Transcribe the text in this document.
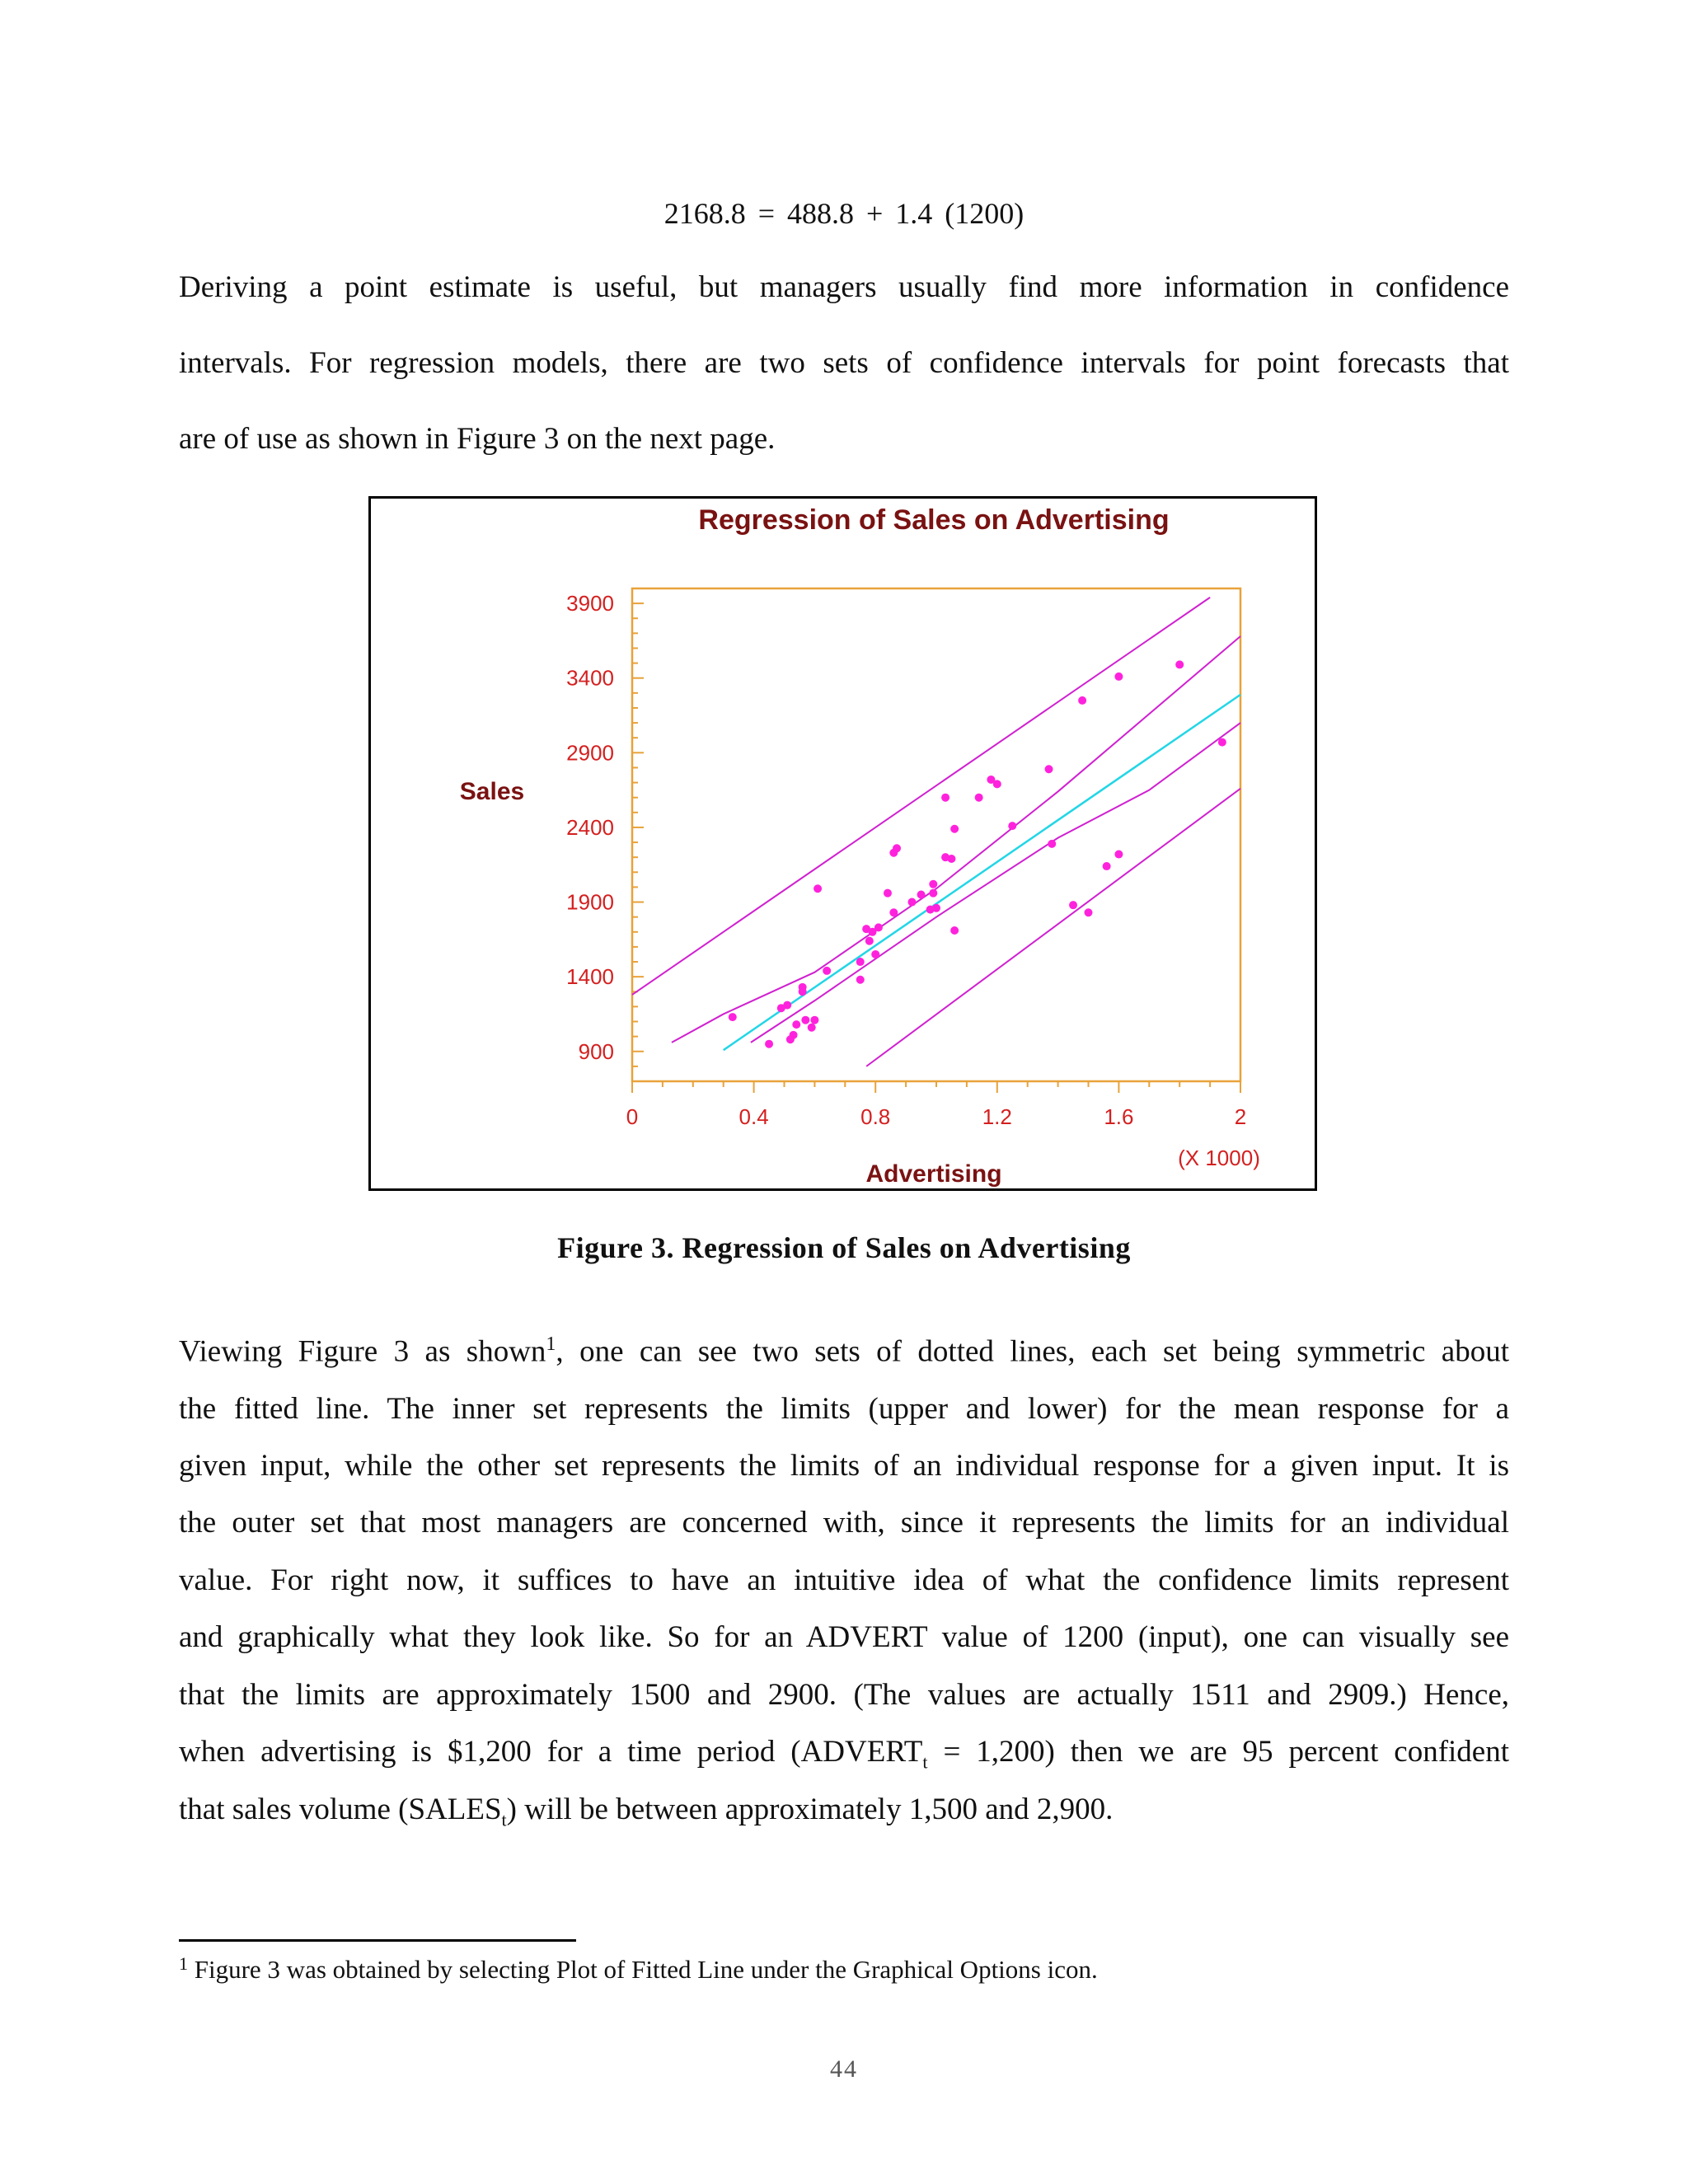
2168.8 = 488.8 + 1.4 (1200)
Deriving a point estimate is useful, but managers usually find more information in confidence
intervals. For regression models, there are two sets of confidence intervals for point forecasts that
are of use as shown in Figure 3 on the next page.
Regression of Sales on Advertising
Sales
Advertising
(X 1000)
900
1400
1900
2400
2900
3400
3900
0	0.4	0.8	1.2	1.6	2
Figure 3. Regression of Sales on Advertising
Viewing Figure 3 as shown$^1$, one can see two sets of dotted lines, each set being symmetric about
the fitted line. The inner set represents the limits (upper and lower) for the mean response for a
given input, while the other set represents the limits of an individual response for a given input. It is
the outer set that most managers are concerned with, since it represents the limits for an individual
value. For right now, it suffices to have an intuitive idea of what the confidence limits represent
and graphically what they look like. So for an ADVERT value of 1200 (input), one can visually see
that the limits are approximately 1500 and 2900. (The values are actually 1511 and 2909.) Hence,
when advertising is $1,200 for a time period $(ADVERT_t = 1,200)$ then we are 95 percent confident
that sales volume $(SALES_t)$ will be between approximately 1,500 and 2,900.
$^1$ Figure 3 was obtained by selecting Plot of Fitted Line under the Graphical Options icon.
44
